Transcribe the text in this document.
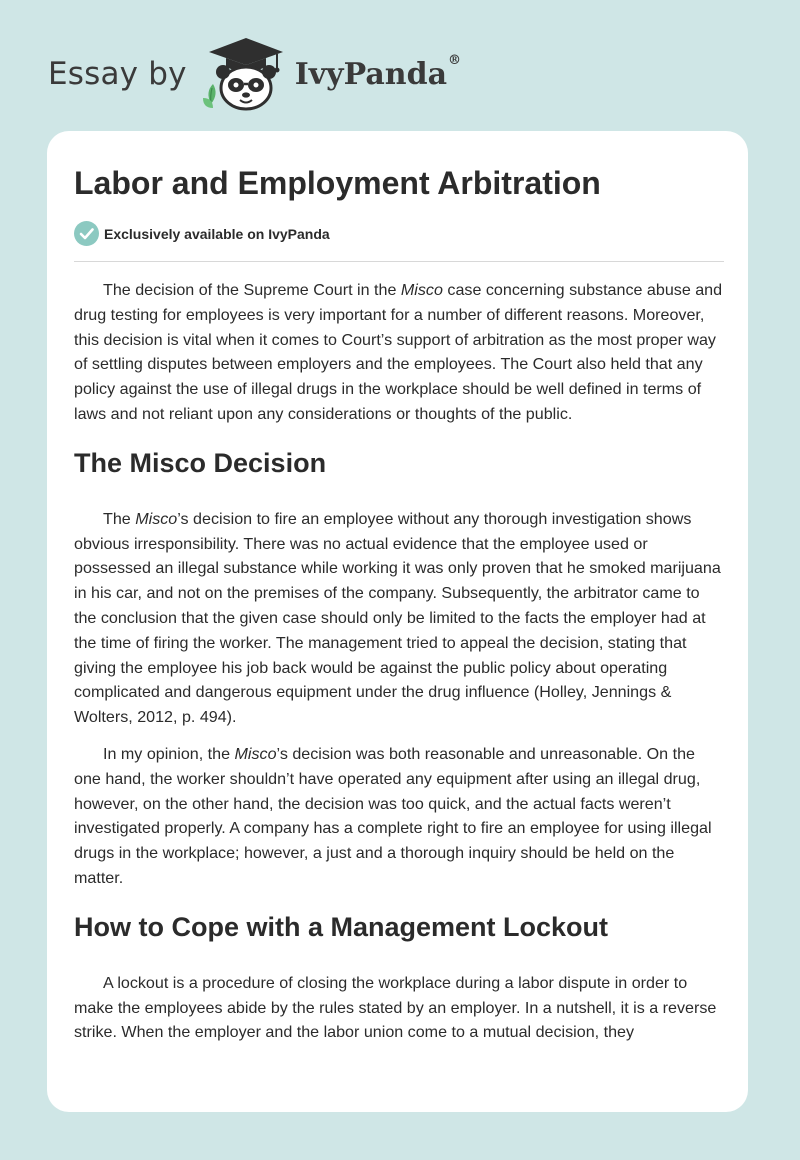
Essay by	IvyPanda®
Labor and Employment Arbitration
Exclusively available on IvyPanda

The decision of the Supreme Court in the Misco case concerning substance abuse and drug testing for employees is very important for a number of different reasons. Moreover, this decision is vital when it comes to Court’s support of arbitration as the most proper way of settling disputes between employers and the employees. The Court also held that any policy against the use of illegal drugs in the workplace should be well defined in terms of laws and not reliant upon any considerations or thoughts of the public.

The Misco Decision

The Misco’s decision to fire an employee without any thorough investigation shows obvious irresponsibility. There was no actual evidence that the employee used or possessed an illegal substance while working it was only proven that he smoked marijuana in his car, and not on the premises of the company. Subsequently, the arbitrator came to the conclusion that the given case should only be limited to the facts the employer had at the time of firing the worker. The management tried to appeal the decision, stating that giving the employee his job back would be against the public policy about operating complicated and dangerous equipment under the drug influence (Holley, Jennings & Wolters, 2012, p. 494).

In my opinion, the Misco’s decision was both reasonable and unreasonable. On the one hand, the worker shouldn’t have operated any equipment after using an illegal drug, however, on the other hand, the decision was too quick, and the actual facts weren’t investigated properly. A company has a complete right to fire an employee for using illegal drugs in the workplace; however, a just and a thorough inquiry should be held on the matter.

How to Cope with a Management Lockout

A lockout is a procedure of closing the workplace during a labor dispute in order to make the employees abide by the rules stated by an employer. In a nutshell, it is a reverse strike. When the employer and the labor union come to a mutual decision, they
